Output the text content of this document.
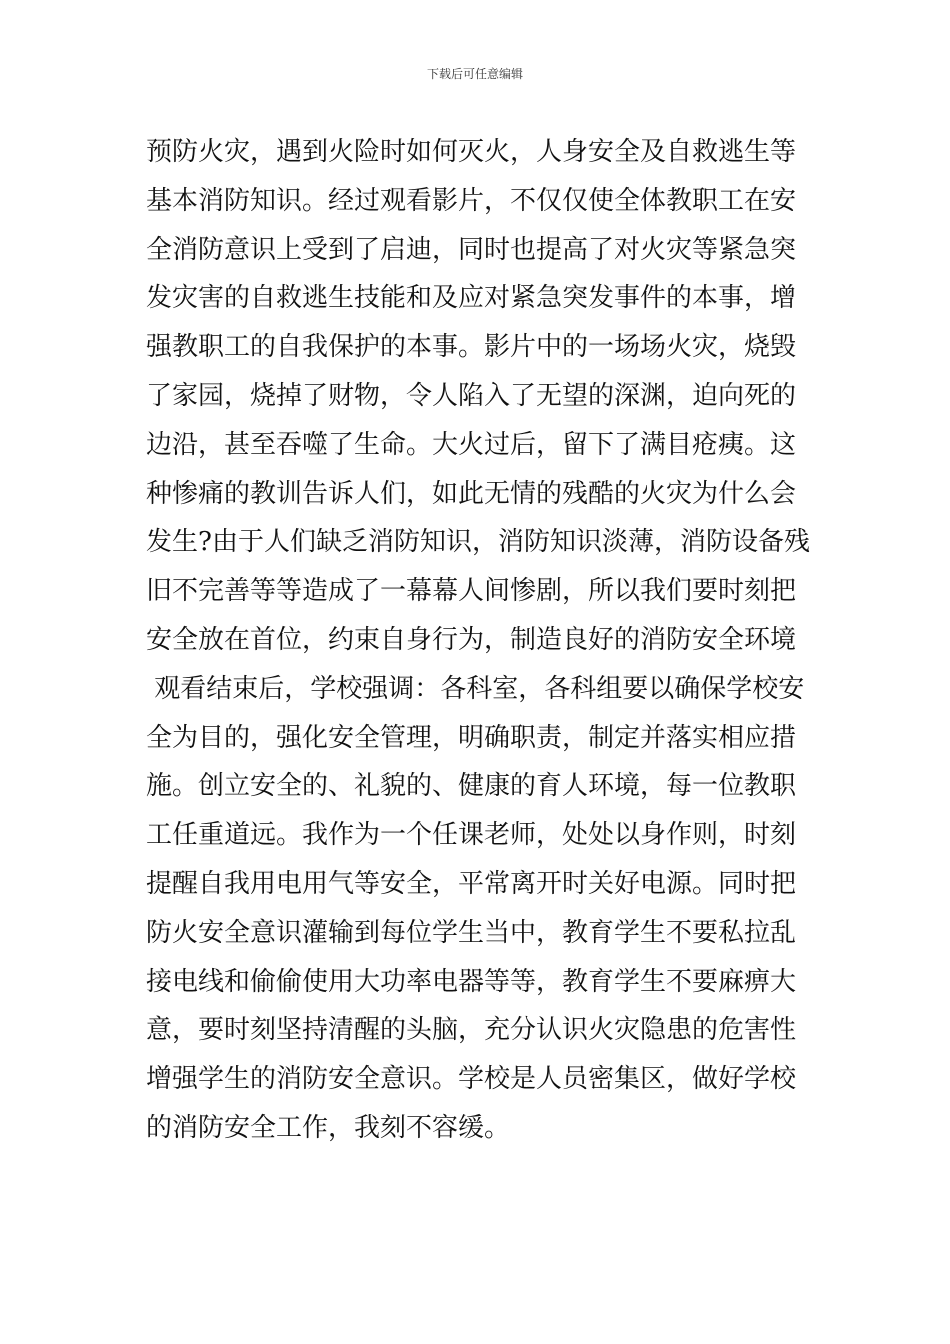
下载后可任意编辑
预防火灾，遇到火险时如何灭火，人身安全及自救逃生等
基本消防知识。经过观看影片，不仅仅使全体教职工在安
全消防意识上受到了启迪，同时也提高了对火灾等紧急突
发灾害的自救逃生技能和及应对紧急突发事件的本事，增
强教职工的自我保护的本事。影片中的一场场火灾，烧毁
了家园，烧掉了财物，令人陷入了无望的深渊，迫向死的
边沿，甚至吞噬了生命。大火过后，留下了满目疮痍。这
种惨痛的教训告诉人们，如此无情的残酷的火灾为什么会
发生?由于人们缺乏消防知识，消防知识淡薄，消防设备残
旧不完善等等造成了一幕幕人间惨剧，所以我们要时刻把
安全放在首位，约束自身行为，制造良好的消防安全环境
观看结束后，学校强调：各科室，各科组要以确保学校安
全为目的，强化安全管理，明确职责，制定并落实相应措
施。创立安全的、礼貌的、健康的育人环境，每一位教职
工任重道远。我作为一个任课老师，处处以身作则，时刻
提醒自我用电用气等安全，平常离开时关好电源。同时把
防火安全意识灌输到每位学生当中，教育学生不要私拉乱
接电线和偷偷使用大功率电器等等，教育学生不要麻痹大
意，要时刻坚持清醒的头脑，充分认识火灾隐患的危害性
增强学生的消防安全意识。学校是人员密集区，做好学校
的消防安全工作，我刻不容缓。
